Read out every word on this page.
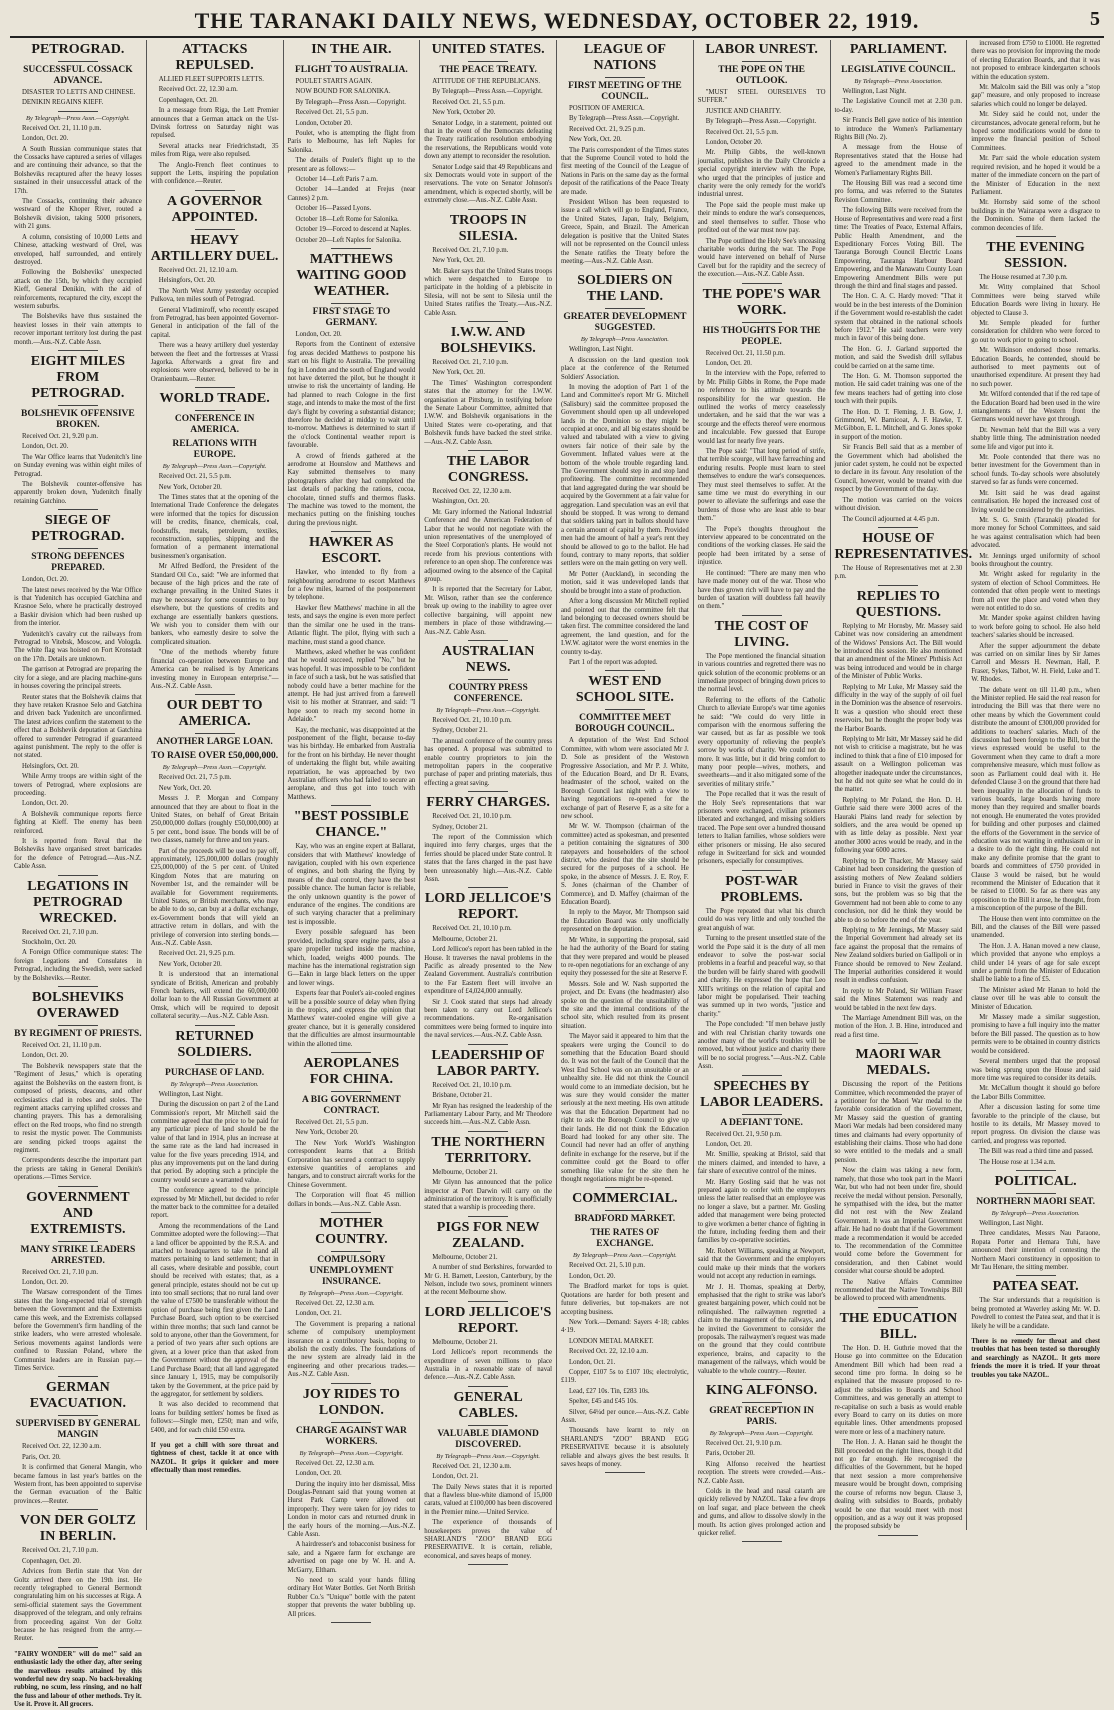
THE TARANAKI DAILY NEWS, WEDNESDAY, OCTOBER 22, 1919.	5
PETROGRAD.
SUCCESSFUL COSSACK ADVANCE.

DISASTER TO LETTS AND CHINESE.

DENIKIN REGAINS KIEFF.

By Telegraph—Press Assn.—Copyright.

Received Oct. 21, 11.10 p.m.

London, Oct. 20.

A South Russian communique states that the Cossacks have captured a series of villages and are continuing their advance, so that the Bolsheviks recaptured after the heavy losses sustained in their unsuccessful attack of the 17th.

The Cossacks, continuing their advance westward of the Khoper River, routed a Bolshevik division, taking 5000 prisoners, with 21 guns.

A column, consisting of 10,000 Letts and Chinese, attacking westward of Orel, was enveloped, half surrounded, and entirely destroyed.

Following the Bolsheviks' unexpected attack on the 15th, by which they occupied Kieff, General Denikin, with the aid of reinforcements, recaptured the city, except the western suburbs.

The Bolsheviks have thus sustained the heaviest losses in their vain attempts to recover important territory lost during the past month.—Aus.-N.Z. Cable Assn.

EIGHT MILES FROM PETROGRAD.
BOLSHEVIK OFFENSIVE BROKEN.

Received Oct. 21, 9.20 p.m.

London, Oct. 20.

The War Office learns that Yudenitch's line on Sunday evening was within eight miles of Petrograd.

The Bolshevik counter-offensive has apparently broken down, Yudenitch finally retaining Gatchino.

SIEGE OF PETROGRAD.
STRONG DEFENCES PREPARED.

London, Oct. 20.

The latest news received by the War Office is that Yudenitch has occupied Gatchina and Krasnoe Selo, where he practically destroyed a Baskir division which had been rushed up from the interior.

Yudenitch's cavalry cut the railways from Petrograd to Vitebsk, Moscow, and Vologda. The white flag was hoisted on Fort Kronstadt on the 17th. Details are unknown.

The garrison at Petrograd are preparing the city for a siege, and are placing machine-guns in houses covering the principal streets.

Reuter states that the Bolshevik claims that they have retaken Krasnoe Selo and Gatchina and driven back Yudenitch are unconfirmed. The latest advices confirm the statement to the effect that a Bolshevik deputation at Gatchina offered to surrender Petrograd if guaranteed against punishment. The reply to the offer is not stated.

Helsingfors, Oct. 20.

While Army troops are within sight of the towers of Petrograd, where explosions are proceeding.

London, Oct. 20.

A Bolshevik communique reports fierce fighting at Kieff. The enemy has been reinforced.

It is reported from Reval that the Bolsheviks have organised street barricades for the defence of Petrograd.—Aus.-N.Z. Cable Assn.

LEGATIONS IN PETROGRAD WRECKED.

Received Oct. 21, 7.10 p.m.

Stockholm, Oct. 20.

A Foreign Office communique states: The foreign Legations and Consulates in Petrograd, including the Swedish, were sacked by the Bolsheviks.—Reuter.

BOLSHEVIKS OVERAWED
BY REGIMENT OF PRIESTS.

Received Oct. 21, 11.10 p.m.

London, Oct. 20.

The Bolshevik newspapers state that the "Regiment of Jesus," which is operating against the Bolsheviks on the eastern front, is composed of priests, deacons, and other ecclesiastics clad in robes and stoles. The regiment attacks carrying uplifted crosses and chanting prayers. This has a demoralising effect on the Red troops, who find no strength to resist the mystic power. The Communists are sending picked troops against the regiment.

Correspondents describe the important part the priests are taking in General Denikin's operations.—Times Service.

GOVERNMENT AND EXTREMISTS.
MANY STRIKE LEADERS ARRESTED.

Received Oct. 21, 7.10 p.m.

London, Oct. 20.

The Warsaw correspondent of the Times states that the long-expected trial of strength between the Government and the Extremists came this week, and the Extremists collapsed before the Government's firm handling of the strike leaders, who were arrested wholesale. Serious movements against landlords were confined to Russian Poland, where the Communist leaders are in Russian pay.—Times Service.

GERMAN EVACUATION.
SUPERVISED BY GENERAL MANGIN

Received Oct. 22, 12.30 a.m.

Paris, Oct. 20.

It is confirmed that General Mangin, who became famous in last year's battles on the Western front, has been appointed to supervise the German evacuation of the Baltic provinces.—Reuter.

VON DER GOLTZ IN BERLIN.

Received Oct. 21, 7.10 p.m.

Copenhagen, Oct. 20.

Advices from Berlin state that Von der Goltz arrived there on the 19th inst. He recently telegraphed to General Bermondt congratulating him on his successes at Riga. A semi-official statement says the Government disapproved of the telegram, and only refrains from proceeding against Von der Goltz because he has resigned from the army.—Reuter.

"FAIRY WONDER" will do me!" said an enthusiastic lady the other day, after seeing the marvellous results attained by this wonderful new dry soap. No back-breaking rubbing, no scum, less rinsing, and no half the fuss and labour of other methods. Try it. Use it. Prove it. All grocers.
ATTACKS REPULSED.

ALLIED FLEET SUPPORTS LETTS.

Received Oct. 22, 12.30 a.m.

Copenhagen, Oct. 20.

In a message from Riga, the Lett Premier announces that a German attack on the Ust-Dvinsk fortress on Saturday night was repulsed.

Several attacks near Friedrichstadt, 35 miles from Riga, were also repulsed.

The Anglo-French fleet continues to support the Letts, inspiring the population with confidence.—Reuter.

A GOVERNOR APPOINTED.
HEAVY ARTILLERY DUEL.

Received Oct. 21, 12.10 a.m.

Helsingfors, Oct. 20.

The North West Army yesterday occupied Pulkova, ten miles south of Petrograd.

General Vladimiroff, who recently escaped from Petrograd, has been appointed Governor-General in anticipation of the fall of the capital.

There was a heavy artillery duel yesterday between the fleet and the fortresses at Vrassi Jagorka. Afterwards a great fire and explosions were observed, believed to be in Oranienbaum.—Reuter.

WORLD TRADE.
CONFERENCE IN AMERICA.
RELATIONS WITH EUROPE.
By Telegraph—Press Assn.—Copyright.

Received Oct. 21, 5.5 p.m.

New York, October 20.

The Times states that at the opening of the International Trade Conference the delegates were informed that the topics for discussion will be credits, finance, chemicals, coal, foodstuffs, metals, petroleum, textiles, reconstruction, supplies, shipping and the formation of a permanent international businessmen's organisation.

Mr Alfred Bedford, the President of the Standard Oil Co., said: "We are informed that because of the high prices and the rate of exchange prevailing in the United States it may be necessary for some countries to buy elsewhere, but the questions of credits and exchange are essentially bankers questions. We wish you to consider them with our bankers, who earnestly desire to solve the complicated situation.

"One of the methods whereby future financial co-operation between Europe and America can be realised is by Americans investing money in European enterprise."—Aus.-N.Z. Cable Assn.

OUR DEBT TO AMERICA.
ANOTHER LARGE LOAN.
TO RAISE OVER £50,000,000.
By Telegraph—Press Assn.—Copyright.

Received Oct. 21, 7.5 p.m.

New York, Oct. 20.

Messrs J. P. Morgan and Company announced that they are about to float in the United States, on behalf of Great Britain 250,000,000 dollars (roughly £50,000,000) at 5 per cent., bond issue. The bonds will be of two classes, namely for three and ten years.

Part of the proceeds will be used to pay off, approximately, 125,000,000 dollars (roughly £25,000,000) of the 5 per cent. of United Kingdom Notes that are maturing on November 1st, and the remainder will be available for Government requirements. United States, or British merchants, who may be able to do so, can buy at a dollar exchange, ex-Government bonds that will yield an attractive return in dollars, and with the privilege of conversion into sterling bonds.—Aus.-N.Z. Cable Assn.

Received Oct. 21, 9.25 p.m.

New York, October 20.

It is understood that an international syndicate of British, American and probably French bankers, will extend the 60,000,000 dollar loan to the All Russian Government at Omsk, which will be required to deposit collateral security.—Aus.-N.Z. Cable Assn.

RETURNED SOLDIERS.
PURCHASE OF LAND.
By Telegraph—Press Association.

Wellington, Last Night.

During the discussion on part 2 of the Land Commission's report, Mr Mitchell said the committee agreed that the price to be paid for any particular piece of land should be the value of that land in 1914, plus an increase at the same rate as the land had increased in value for the five years preceding 1914, and plus any improvements put on the land during that period. By adopting such a principle the country would secure a warranted value.

The conference agreed to the principle expressed by Mr Mitchell, but decided to refer the matter back to the committee for a detailed report.

Among the recommendations of the Land Committee adopted were the following:—That a land officer be appointed by the R.S.A. and attached to headquarters to take in hand all matters pertaining to land settlement; that in all cases, where desirable and possible, court should be received with estates; that, as a general principle, estates should not be cut up into too small sections; that no rural land over the value of £7500 be transferable without the option of purchase being first given the Land Purchase Board, such option to be exercised within three months; that such land cannot be sold to anyone, other than the Government, for a period of two years after such options are given, at a lower price than that asked from the Government without the approval of the Land Purchase Board; that all land aggregated since January 1, 1915, may be compulsorily taken by the Government, at the price paid by the aggregator, for settlement by soldiers.

It was also decided to recommend that loans for building settlers' homes be fixed as follows:—Single men, £250; man and wife, £400, and for each child £50 extra.

If you get a chill with sore throat and tightness of chest, tackle it at once with NAZOL. It grips it quicker and more effectually than most remedies.
IN THE AIR.
FLIGHT TO AUSTRALIA.

POULET STARTS AGAIN.

NOW BOUND FOR SALONIKA.

By Telegraph—Press Assn.—Copyright.

Received Oct. 21, 5.5 p.m.

London, October 20.

Poulet, who is attempting the flight from Paris to Melbourne, has left Naples for Salonika.

The details of Poulet's flight up to the present are as follows:—

October 14—Left Paris 7 a.m.

October 14—Landed at Frejus (near Cannes) 2 p.m.

October 16—Passed Lyons.

October 18—Left Rome for Salonika.

October 19—Forced to descend at Naples.

October 20—Left Naples for Salonika.

MATTHEWS WAITING GOOD WEATHER.
FIRST STAGE TO GERMANY.

London, Oct. 20.

Reports from the Continent of extensive fog areas decided Matthews to postpone his start on his flight to Australia. The prevailing fog in London and the south of England would not have deterred the pilot, but he thought it unwise to risk the uncertainty of landing. He had planned to reach Cologne in the first stage, and intends to make the most of the first day's flight by covering a substantial distance; therefore he decided at midday to wait until to-morrow. Matthews is determined to start if the o'clock Continental weather report is favourable.

A crowd of friends gathered at the aerodrome at Hounslow and Matthews and Kay submitted themselves to many photographers after they had completed the last details of packing the rations, cocoa, chocolate, tinned stuffs and thermos flasks. The machine was towed to the moment, the mechanics putting on the finishing touches during the previous night.

HAWKER AS ESCORT.

Hawker, who intended to fly from a neighbouring aerodrome to escort Matthews for a few miles, learned of the postponement by telephone.

Hawker flew Matthews' machine in all the tests, and says the engine is even more perfect than the similar one he used in the trans-Atlantic flight. The pilot, flying with such a machine, must stand a good chance.

Matthews, asked whether he was confident that he would succeed, replied "No," but he was hopeful. It was impossible to be confident in face of such a task, but he was satisfied that nobody could have a better machine for the attempt. He had just arrived from a farewell visit to his mother at Stranraer, and said: "I hope soon to reach my second home in Adelaide."

Kay, the mechanic, was disappointed at the postponement of the flight, because to-day was his birthday. He embarked from Australia for the front on his birthday. He never thought of undertaking the flight but, while awaiting repatriation, he was approached by two Australian officers who had failed to secure an aeroplane, and thus got into touch with Matthews.

"BEST POSSIBLE CHANCE."

Kay, who was an engine expert at Ballarat, considers that with Matthews' knowledge of navigation, coupled with his own experience of engines, and both sharing the flying by means of the dual control, they have the best possible chance. The human factor is reliable, the only unknown quantity is the power of endurance of the engines. The conditions are of such varying character that a preliminary test is impossible.

Every possible safeguard has been provided, including spare engine parts, also a spare propeller tucked inside the machine, which, loaded, weighs 4000 pounds. The machine has the international registration sign G—Eakn in large black letters on the upper and lower wings.

Experts fear that Poulet's air-cooled engines will be a possible source of delay when flying in the tropics, and express the opinion that Matthews' water-cooled engine will give a greater chance, but it is generally considered that the difficulties are almost insurmountable within the allotted time.

AEROPLANES FOR CHINA.
A BIG GOVERNMENT CONTRACT.

Received Oct. 21, 5.5 p.m.

New York, October 20.

The New York World's Washington correspondent learns that a British Corporation has secured a contract to supply extensive quantities of aeroplanes and hangars, and to construct aircraft works for the Chinese Government.

The Corporation will float 45 million dollars in bonds.—Aus.-N.Z. Cable Assn.

MOTHER COUNTRY.
COMPULSORY UNEMPLOYMENT INSURANCE.
By Telegraph—Press Assn.—Copyright.

Received Oct. 22, 12.30 a.m.

London, Oct. 21.

The Government is preparing a national scheme of compulsory unemployment insurance on a contributory basis, hoping to abolish the costly doles. The foundations of the new system are already laid in the engineering and other precarious trades.—Aus.-N.Z. Cable Assn.

JOY RIDES TO LONDON.
CHARGE AGAINST WAR WORKERS.
By Telegraph—Press Assn.—Copyright.

Received Oct. 22, 12.30 a.m.

London, Oct. 20.

During the inquiry into her dismissal, Miss Douglas-Pennant said that young women at Hurst Park Camp were allowed out improperly. They were taken for joy rides to London in motor cars and returned drunk in the early hours of the morning.—Aus.-N.Z. Cable Assn.

A hairdresser's and tobacconist business for sale, and a Ngaere farm for exchange are advertised on page one by W. H. and A. McGarry, Eltham.

No need to scald your hands filling ordinary Hot Water Bottles. Get North British Rubber Co.'s "Unique" bottle with the patent stopper that prevents the water bubbling up. All prices.

UNITED STATES.
THE PEACE TREATY.

ATTITUDE OF THE REPUBLICANS.

By Telegraph—Press Assn.—Copyright.

Received Oct. 21, 5.5 p.m.

New York, October 20.

Senator Lodge, in a statement, pointed out that in the event of the Democrats defeating the Treaty ratification resolution embodying the reservations, the Republicans would vote down any attempt to reconsider the resolution.

Senator Lodge said that 49 Republicans and six Democrats would vote in support of the reservations. The vote on Senator Johnson's amendment, which is expected shortly, will be extremely close.—Aus.-N.Z. Cable Assn.

TROOPS IN SILESIA.

Received Oct. 21, 7.10 p.m.

New York, Oct. 20.

Mr. Baker says that the United States troops which were despatched to Europe to participate in the holding of a plebiscite in Silesia, will not be sent to Silesia until the United States ratifies the Treaty.—Aus.-N.Z. Cable Assn.

I.W.W. AND BOLSHEVIKS.

Received Oct. 21, 7.10 p.m.

New York, Oct. 20.

The Times' Washington correspondent states that the attorney for the I.W.W. organisation at Pittsburg, in testifying before the Senate Labour Committee, admitted that I.W.W. and Bolshevik organisations in the United States were co-operating, and that Bolshevik funds have backed the steel strike.—Aus.-N.Z. Cable Assn.

THE LABOR CONGRESS.

Received Oct. 22, 12.30 a.m.

Washington, Oct. 20.

Mr. Gary informed the National Industrial Conference and the American Federation of Labor that he would not negotiate with the union representatives of the unemployed of the Steel Corporation's plants. He would not recede from his previous contentions with reference to an open shop. The conference was adjourned owing to the absence of the Capital group.

It is reported that the Secretary for Labor, Mr. Wilson, rather than see the conference break up owing to the inability to agree over collective bargaining, will appoint new members in place of those withdrawing.—Aus.-N.Z. Cable Assn.

AUSTRALIAN NEWS.
COUNTRY PRESS CONFERENCE.
By Telegraph—Press Assn.—Copyright.

Received Oct. 21, 10.10 p.m.

Sydney, October 21.

The annual conference of the country press has opened. A proposal was submitted to enable country proprietors to join the metropolitan papers in the cooperative purchase of paper and printing materials, thus effecting a great saving.

FERRY CHARGES.

Received Oct. 21, 10.10 p.m.

Sydney, October 21.

The report of the Commission which inquired into ferry charges, urges that the ferries should be placed under State control. It states that the fares charged in the past have been unreasonably high.—Aus.-N.Z. Cable Assn.

LORD JELLICOE'S REPORT.

Received Oct. 21, 10.10 p.m.

Melbourne, October 21.

Lord Jellicoe's report has been tabled in the House. It traverses the naval problems in the Pacific as already presented to the New Zealand Government. Australia's contribution to the Far Eastern fleet will involve an expenditure of £4,024,000 annually.

Sir J. Cook stated that steps had already been taken to carry out Lord Jellicoe's recommendations. Re-organisation committees were being formed to inquire into the naval services.—Aus.-N.Z. Cable Assn.

LEADERSHIP OF LABOR PARTY.

Received Oct. 21, 10.10 p.m.

Brisbane, October 21.

Mr Ryan has resigned the leadership of the Parliamentary Labour Party, and Mr Theodore succeeds him.—Aus.-N.Z. Cable Assn.

THE NORTHERN TERRITORY.

Melbourne, October 21.

Mr Glynn has announced that the police inspector at Port Darwin will carry on the administration of the territory. It is unofficially stated that a warship is proceeding there.

PIGS FOR NEW ZEALAND.

Melbourne, October 21.

A number of stud Berkshires, forwarded to Mr G. H. Barnett, Leeston, Canterbury, by the Nelson, include two sows, prominent winners at the recent Melbourne show.

LORD JELLICOE'S REPORT.

Melbourne, October 21.

Lord Jellicoe's report recommends the expenditure of seven millions to place Australia in a reasonable state of naval defence.—Aus.-N.Z. Cable Assn.

GENERAL CABLES.
VALUABLE DIAMOND DISCOVERED.
By Telegraph—Press Assn.—Copyright.

Received Oct. 21, 12.30 a.m.

London, Oct. 21.

The Daily News states that it is reported that a flawless blue-white diamond of 15,000 carats, valued at £100,000 has been discovered in the Premier mine.—United Service.

The experience of thousands of housekeepers proves the value of SHARLAND'S "ZOO" BRAND EGG PRESERVATIVE. It is certain, reliable, economical, and saves heaps of money.

LEAGUE OF NATIONS
FIRST MEETING OF THE COUNCIL.

POSITION OF AMERICA.

By Telegraph—Press Assn.—Copyright.

Received Oct. 21, 9.25 p.m.

New York, Oct. 20.

The Paris correspondent of the Times states that the Supreme Council voted to hold the first meeting of the Council of the League of Nations in Paris on the same day as the formal deposit of the ratifications of the Peace Treaty are made.

President Wilson has been requested to issue a call which will go to England, France, the United States, Japan, Italy, Belgium, Greece, Spain, and Brazil. The American delegation is positive that the United States will not be represented on the Council unless the Senate ratifies the Treaty before the meeting.—Aus.-N.Z. Cable Assn.

SOLDIERS ON THE LAND.
GREATER DEVELOPMENT SUGGESTED.
By Telegraph—Press Association.

Wellington, Last Night.

A discussion on the land question took place at the conference of the Returned Soldiers' Association.

In moving the adoption of Part 1 of the Land and Committee's report Mr G. Mitchell (Salisbury) said the committee proposed the Government should open up all undeveloped lands in the Dominion so they might be occupied at once, and all big estates should be valued and tabulated with a view to giving owners fair notice of their sale by the Government. Inflated values were at the bottom of the whole trouble regarding land. The Government should step in and stop land profiteering. The committee recommended that land aggregated during the war should be acquired by the Government at a fair value for aggregation. Land speculation was an evil that should be stopped. It was wrong to demand that soldiers taking part in ballots should have a certain amount of capital by them. Provided men had the amount of half a year's rent they should be allowed to go to the ballot. He had found, contrary to many reports, that soldier settlers were on the main getting on very well.

Mr Potter (Auckland), in seconding the motion, said it was undeveloped lands that should be brought into a state of production.

After a long discussion Mr Mitchell replied and pointed out that the committee felt that land belonging to deceased owners should be taken first. The committee considered the land agreement, the land question, and for the I.W.W. agitator were the worst enemies in the country to-day.

Part 1 of the report was adopted.

WEST END SCHOOL SITE.
COMMITTEE MEET BOROUGH COUNCIL.

A deputation of the West End School Committee, with whom were associated Mr J. D. Sole as president of the Westown Progressive Association, and Mr P. J. White, of the Education Board, and Dr R. Evans, headmaster of the school, waited on the Borough Council last night with a view to having negotiations re-opened for the exchange of part of Reserve F, as a site for a new school.

Mr W. W. Thompson (chairman of the committee) acted as spokesman, and presented a petition containing the signatures of 300 ratepayers and householders of the school district, who desired that the site should be secured for the purposes of a school. He spoke, in the absence of Messrs. J. E. Roy, F. S. Jones (chairman of the Chamber of Commerce), and D. Maffey (chairman of the Education Board).

In reply to the Mayor, Mr Thompson said the Education Board was only unofficially represented on the deputation.

Mr White, in supporting the proposal, said he had the authority of the Board for stating that they were prepared and would be pleased to re-open negotiations for an exchange of any equity they possessed for the site at Reserve F.

Messrs. Sole and W. Nash supported the project, and Dr. Evans (the headmaster) also spoke on the question of the unsuitability of the site and the internal conditions of the school site, which resulted from its present situation.

The Mayor said it appeared to him that the speakers were urging the Council to do something that the Education Board should do. It was not the fault of the Council that the West End School was on an unsuitable or an unhealthy site. He did not think the Council would come to an immediate decision, but he was sure they would consider the matter seriously at the next meeting. His own attitude was that the Education Department had no right to ask the Borough Council to give up their lands. He did not think the Education Board had looked for any other site. The Council had never had an offer of anything definite in exchange for the reserve, but if the committee could get the Board to offer something like value for the site then he thought negotiations might be re-opened.

COMMERCIAL.
BRADFORD MARKET.
THE RATES OF EXCHANGE.
By Telegraph—Press Assn.—Copyright.

Received Oct. 21, 5.10 p.m.

London, Oct. 20.

The Bradford market for tops is quiet. Quotations are harder for both present and future deliveries, but top-makers are not accepting business.

New York.—Demand: Sayers 4·18; cables 4·19.

LONDON METAL MARKET.

Received Oct. 22, 12.10 a.m.

London, Oct. 21.

Copper, £107 5s to £107 10s; electrolytic, £119.

Lead, £27 10s. Tin, £283 10s.

Spelter, £45 and £45 10s.

Silver, 64¼d per ounce.—Aus.-N.Z. Cable Assn.

Thousands have learnt to rely on SHARLAND'S "ZOO" BRAND EGG PRESERVATIVE because it is absolutely reliable and always gives the best results. It saves heaps of money.

LABOR UNREST.
THE POPE ON THE OUTLOOK.

"MUST STEEL OURSELVES TO SUFFER."

JUSTICE AND CHARITY.

By Telegraph—Press Assn.—Copyright.

Received Oct. 21, 5.5 p.m.

London, October 20.

Mr. Philip Gibbs, the well-known journalist, publishes in the Daily Chronicle a special copyright interview with the Pope, who urged that the principles of justice and charity were the only remedy for the world's industrial unrest.

The Pope said the people must make up their minds to endure the war's consequences, and steel themselves to suffer. Those who profited out of the war must now pay.

The Pope outlined the Holy See's unceasing charitable works during the war. The Pope would have intervened on behalf of Nurse Cavell but for the rapidity and the secrecy of the execution.—Aus.-N.Z. Cable Assn.

THE POPE'S WAR WORK.
HIS THOUGHTS FOR THE PEOPLE.

Received Oct. 21, 11.50 p.m.

London, Oct. 20.

In the interview with the Pope, referred to by Mr. Philip Gibbs in Rome, the Pope made no reference to his attitude towards the responsibility for the war question. He outlined the works of mercy ceaselessly undertaken, and he said that the war was a scourge and the effects thereof were enormous and incalculable. Few guessed that Europe would last for nearly five years.

The Pope said: "That long period of strife, that terrible scourge, will have farreaching and enduring results. People must learn to steel themselves to endure the war's consequences. They must steel themselves to suffer. At the same time we must do everything in our power to alleviate the sufferings and ease the burdens of those who are least able to bear them."

The Pope's thoughts throughout the interview appeared to be concentrated on the conditions of the working classes. He said the people had been irritated by a sense of injustice.

He continued: "There are many men who have made money out of the war. Those who have thus grown rich will have to pay and the burden of taxation will doubtless fall heavily on them."

THE COST OF LIVING.

The Pope mentioned the financial situation in various countries and regretted there was no quick solution of the economic problems or an immediate prospect of bringing down prices to the normal level.

Referring to the efforts of the Catholic Church to alleviate Europe's war time agonies he said: "We could do very little in comparison with the enormous suffering the war caused, but as far as possible we took every opportunity of relieving the people's sorrow by works of charity. We could not do more. It was little, but it did bring comfort to many poor people—wives, mothers, and sweethearts—and it also mitigated some of the severities of military strife."

The Pope recalled that it was the result of the Holy See's representations that war prisoners were exchanged, civilian prisoners liberated and exchanged, and missing soldiers traced. The Pope sent over a hundred thousand letters to Italian families, whose soldiers were either prisoners or missing. He also secured refuge in Switzerland for sick and wounded prisoners, especially for consumptives.

POST-WAR PROBLEMS.

The Pope repeated that what his church could do was very little and only touched the great anguish of war.

Turning to the present unsettled state of the world the Pope said it is the duty of all men endeavor to solve the post-war social problems in a fearful and peaceful way, so that the burden will be fairly shared with goodwill and charity. He expressed the hope that Leo XIII's writings on the relation of capital and labor might be popularised. Their teaching was summed up in two words, "justice and charity."

The Pope concluded: "If men behave justly and with real Christian charity towards one another many of the world's troubles will be removed, but without justice and charity there will be no social progress."—Aus.-N.Z. Cable Assn.

SPEECHES BY LABOR LEADERS.
A DEFIANT TONE.

Received Oct. 21, 9.50 p.m.

London, Oct. 20.

Mr. Smillie, speaking at Bristol, said that the miners claimed, and intended to have, a fair share of executive control of the mines.

Mr. Harry Gosling said that he was not prepared again to confer with the employers unless the latter realised that an employee was no longer a slave, but a partner. Mr. Gosling added that management were being protected to give workmen a better chance of fighting in the future, including feeding them and their families by co-operative societies.

Mr. Robert Williams, speaking at Newport, said that the Government and the employers could make up their minds that the workers would not accept any reduction in earnings.

Mr J. H. Thomas, speaking at Derby, emphasised that the right to strike was labor's greatest bargaining power, which could not be relinquished. The railwaymen regretted a claim to the management of the railways, and he invited the Government to consider the proposals. The railwaymen's request was made on the ground that they could contribute experience, brains, and capacity to the management of the railways, which would be valuable to the whole country.—Reuter.

KING ALFONSO.
GREAT RECEPTION IN PARIS.
By Telegraph—Press Assn.—Copyright.

Received Oct. 21, 9.10 p.m.

Paris, October 20.

King Alfonso received the heartiest reception. The streets were crowded.—Aus.-N.Z. Cable Assn.

Colds in the head and nasal catarrh are quickly relieved by NAZOL. Take a few drops on loaf sugar, and place between the cheek and gums, and allow to dissolve slowly in the mouth. Its action gives prolonged action and quicker relief.

PARLIAMENT.
LEGISLATIVE COUNCIL.
By Telegraph—Press Association.

Wellington, Last Night.

The Legislative Council met at 2.30 p.m. to-day.

Sir Francis Bell gave notice of his intention to introduce the Women's Parliamentary Rights Bill (No. 2).

A message from the House of Representatives stated that the House had agreed to the amendment made in the Women's Parliamentary Rights Bill.

The Housing Bill was read a second time pro forma, and was referred to the Statutes Revision Committee.

The following Bills were received from the House of Representatives and were read a first time: The Treaties of Peace, External Affairs, Public Health Amendment, and the Expeditionary Forces Voting Bill. The Tauranga Borough Council Electric Loans Empowering, Tauranga Harbour Board Empowering, and the Manawatu County Loan Empowering Amendment Bills were put through the third and final stages and passed.

The Hon. C. A. C. Hardy moved: "That it would be in the best interests of the Dominion if the Government would re-establish the cadet system that obtained in the national schools before 1912." He said teachers were very much in favor of this being done.

The Hon. G. J. Garland supported the motion, and said the Swedish drill syllabus could be carried on at the same time.

The Hon. G. M. Thomson supported the motion. He said cadet training was one of the few means teachers had of getting into close touch with their pupils.

The Hon. D. T. Fleming, J. B. Gow, J. Grimmond, W. Barnicoat, A. F. Hawke, T. McGibbon, E. L. Mitchell, and G. Jones spoke in support of the motion.

Sir Francis Bell said that as a member of the Government which had abolished the junior cadet system, he could not be expected to declare in its favour. Any resolution of the Council, however, would be treated with due respect by the Government of the day.

The motion was carried on the voices without division.

The Council adjourned at 4.45 p.m.

HOUSE OF REPRESENTATIVES.

The House of Representatives met at 2.30 p.m.

REPLIES TO QUESTIONS.

Replying to Mr Hornsby, Mr. Massey said Cabinet was now considering an amendment of the Widows' Pensions Act. The Bill would be introduced this session. He also mentioned that an amendment of the Miners' Phthisis Act was being introduced and would be in charge of the Minister of Public Works.

Replying to Mr Luke, Mr Massey said the difficulty in the way of the supply of oil fuel in the Dominion was the absence of reservoirs. It was a question who should erect these reservoirs, but he thought the proper body was the Harbor Boards.

Replying to Mr Isitt, Mr Massey said he did not wish to criticise a magistrate, but he was inclined to think that a fine of £10 imposed for assault on a Wellington policeman was altogether inadequate under the circumstances, but he did not quite see what he could do in the matter.

Replying to Mr Poland, the Hon. D. H. Guthrie said there were 3000 acres of the Hauraki Plains land ready for selection by soldiers, and the area would be opened up with as little delay as possible. Next year another 3000 acres would be ready, and in the following year 6000 acres.

Replying to Dr Thacker, Mr Massey said Cabinet had been considering the question of assisting mothers of New Zealand soldiers buried in France to visit the graves of their sons, but the problem was so big that the Government had not been able to come to any conclusion, nor did he think they would be able to do so before the end of the year.

Replying to Mr Jennings, Mr Massey said the Imperial Government had already set its face against the proposal that the remains of New Zealand soldiers buried on Gallipoli or in France should be removed to New Zealand. The Imperial authorities considered it would result in endless confusion.

In reply to Mr Poland, Sir William Fraser said the Mines Statement was ready and would be tabled in the next few days.

The Marriage Amendment Bill was, on the motion of the Hon. J. B. Hine, introduced and read a first time.

MAORI WAR MEDALS.

Discussing the report of the Petitions Committee, which recommended the prayer of a petitioner for the Maori War medal to the favorable consideration of the Government, Mr Massey said the question of granting Maori War medals had been considered many times and claimants had every opportunity of establishing their claims. Those who had done so were entitled to the medals and a small pension.

Now the claim was taking a new form, namely, that those who took part in the Maori War, but who had not been under fire, should receive the medal without pension. Personally, he sympathised with the idea, but the matter did not rest with the New Zealand Government. It was an Imperial Government affair. He had no doubt that if the Government made a recommendation it would be acceded to. The recommendation of the Committee would come before the Government for consideration, and then Cabinet would consider what course should be adopted.

The Native Affairs Committee recommended that the Native Townships Bill be allowed to proceed with amendments.

THE EDUCATION BILL.

The Hon. D. H. Guthrie moved that the House go into committee on the Education Amendment Bill which had been read a second time pro forma. In doing so he explained that the measure proposed to re-adjust the subsidies to Boards and School Committees, and was generally an attempt to re-capitalise on such a basis as would enable every Board to carry on its duties on more equitable lines. Other amendments proposed were more or less of a machinery nature.

The Hon. J. A. Hanan said he thought the Bill proceeded on the right lines, though it did not go far enough. He recognised the difficulties of the Government, but he hoped that next session a more comprehensive measure would be brought down, comprising the course of reforms now begun. Clause 3, dealing with subsidies to Boards, probably would be one that would meet with most opposition, and as a way out it was proposed the proposed subsidy be

increased from £750 to £1000. He regretted there was no provision for improving the mode of electing Education Boards, and that it was not proposed to embrace kindergarten schools within the education system.

Mr. Malcolm said the Bill was only a "stop gap" measure, and only proposed to increase salaries which could no longer be delayed.

Mr. Sidey said he could not, under the circumstances, advocate general reform, but he hoped some modifications would be done to improve the financial position of School Committees.

Mr. Parr said the whole education system required revision, and he hoped it would be a matter of the immediate concern on the part of the Minister of Education in the next Parliament.

Mr. Hornsby said some of the school buildings in the Wairarapa were a disgrace to the Dominion. Some of them lacked the common decencies of life.

THE EVENING SESSION.

The House resumed at 7.30 p.m.

Mr. Witty complained that School Committees were being starved while Education Boards were living in luxury. He objected to Clause 3.

Mr. Semple pleaded for further consideration for children who were forced to go out to work prior to going to school.

Mr. Wilkinson endorsed those remarks. Education Boards, he contended, should be authorised to meet payments out of unauthorised expenditure. At present they had no such power.

Mr. Wilford contended that if the red tape of the Education Board had been used in the wire entanglements of the Western front the Germans would never have got through.

Dr. Newman held that the Bill was a very shabby little thing. The administration needed some life and vigor put into it.

Mr. Poole contended that there was no better investment for the Government than in school funds. To-day schools were absolutely starved so far as funds were concerned.

Mr. Isitt said he was dead against centralisation. He hoped the increased cost of living would be considered by the authorities.

Mr. S. G. Smith (Taranaki) pleaded for more money for School Committees, and said he was against centralisation which had been advocated.

Mr. Jennings urged uniformity of school books throughout the country.

Mr. Wright asked for regularity in the system of election of School Committees. He contended that often people went to meetings from all over the place and voted when they were not entitled to do so.

Mr. Mander spoke against children having to work before going to school. He also held teachers' salaries should be increased.

After the supper adjournment the debate was carried on on similar lines by Sir James Carroll and Messrs H. Newman, Hall, P. Fraser, Sykes, Talbot, W. H. Field, Luke and T. W. Rhodes.

The debate went on till 11.40 p.m., when the Minister replied. He said the real reason for introducing the Bill was that there were no other means by which the Government could distribute the amount of £300,000 provided for additions to teachers' salaries. Much of the discussion had been foreign to the Bill, but the views expressed would be useful to the Government when they came to draft a more comprehensive measure, which must follow as soon as Parliament could deal with it. He defended Clause 3 on the ground that there had been inequality in the allocation of funds to various boards, large boards having more money than they required and smaller boards not enough. He enumerated the votes provided for building and other purposes and claimed the efforts of the Government in the service of education was not wanting in enthusiasm or in a desire to do the right thing. He could not make any definite promise that the grant to boards and committees of £750 provided in Clause 3 would be raised, but he would recommend the Minister of Education that it be raised to £1000. So far as there was any opposition to the Bill it arose, he thought, from a misconception of the purpose of the Bill.

The House then went into committee on the Bill, and the clauses of the Bill were passed unamended.

The Hon. J. A. Hanan moved a new clause, which provided that anyone who employs a child under 14 years of age for sale except under a permit from the Minister of Education shall be liable to a fine of £5.

The Minister asked Mr Hanan to hold the clause over till he was able to consult the Minister of Education.

Mr Massey made a similar suggestion, promising to have a full inquiry into the matter before the Bill passed. The question as to how permits were to be obtained in country districts would be considered.

Several members urged that the proposal was being sprung upon the House and said more time was required to consider its details.

Mr. McCallum thought it should go before the Labor Bills Committee.

After a discussion lasting for some time favorable to the principle of the clause, but hostile to its details, Mr Massey moved to report progress. On division the clause was carried, and progress was reported.

The Bill was read a third time and passed.

The House rose at 1.34 a.m.

POLITICAL.
NORTHERN MAORI SEAT.
By Telegraph—Press Association.

Wellington, Last Night.

Three candidates, Messrs Nau Paraone, Ropata Porter and Hemara Tuhi, have announced their intention of contesting the Northern Maori constituency in opposition to Mr Tau Henare, the sitting member.

PATEA SEAT.

The Star understands that a requisition is being promoted at Waverley asking Mr. W. D. Powdrell to contest the Patea seat, and that it is likely he will be a candidate.

There is no remedy for throat and chest troubles that has been tested so thoroughly and searchingly as NAZOL. It gets more friends the more it is tried. If your throat troubles you take NAZOL.
